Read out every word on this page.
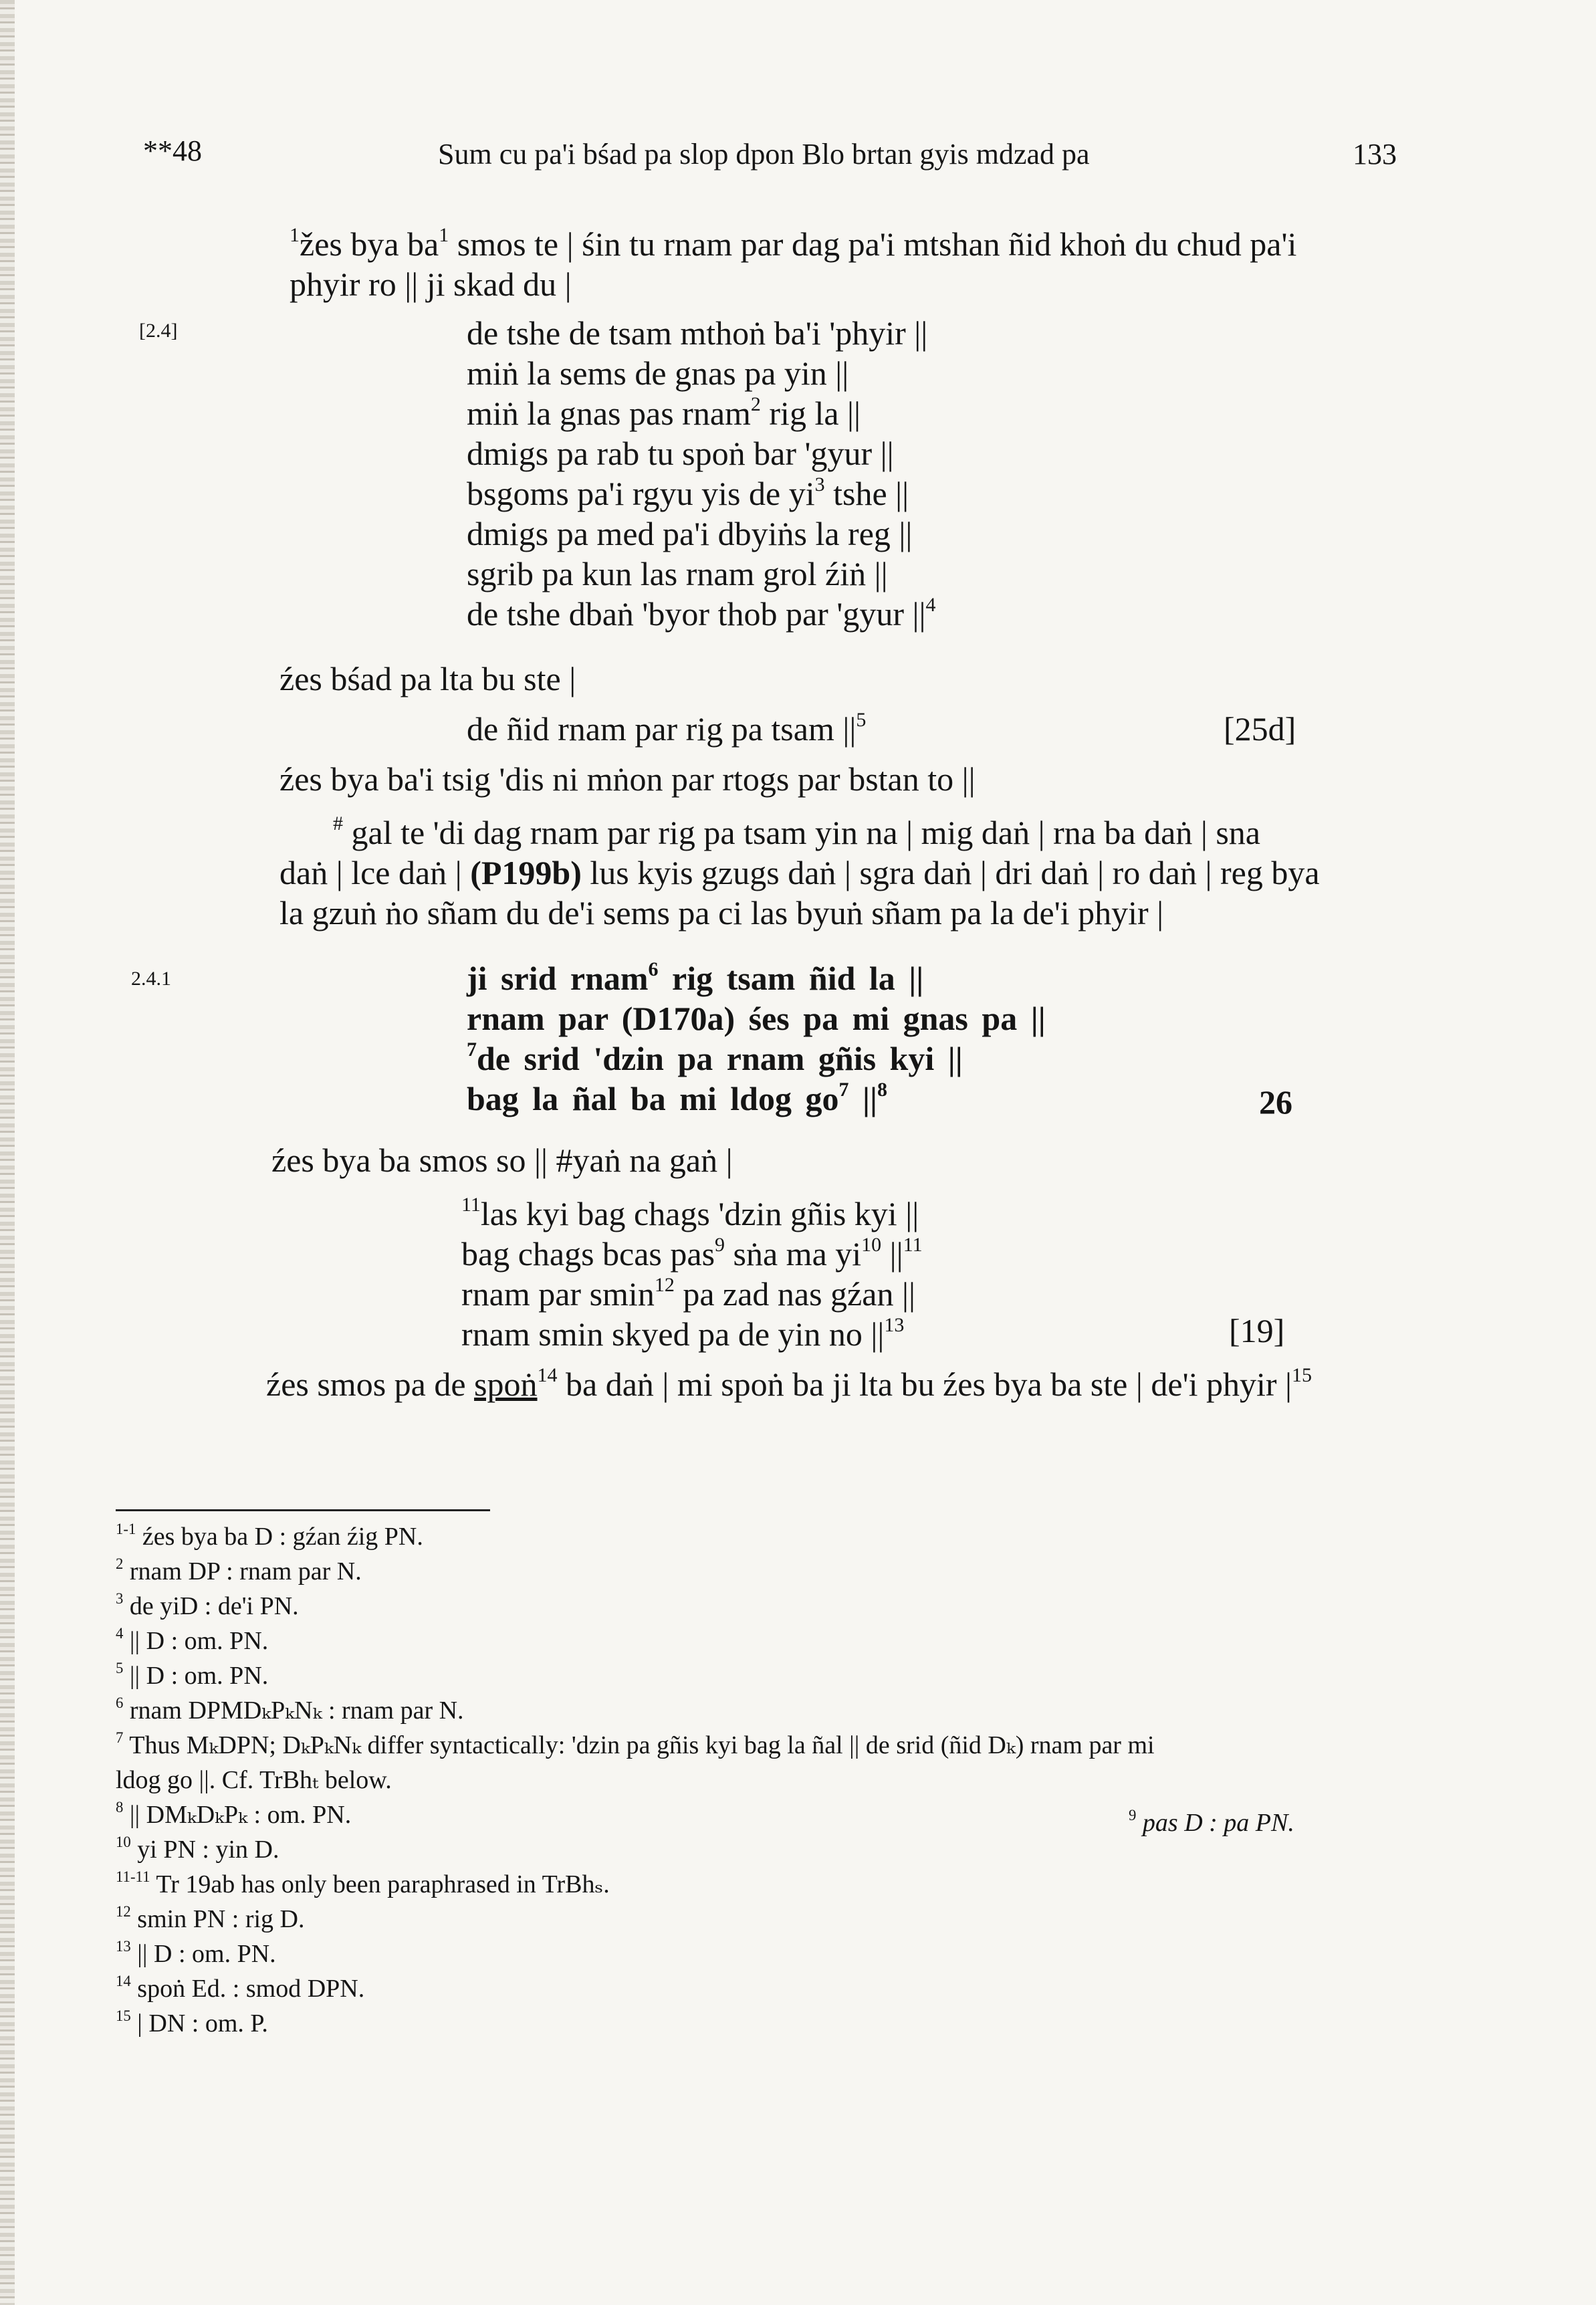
**48	Sum cu pa'i bśad pa slop dpon Blo brtan gyis mdzad pa	133
$^1$žes bya $ba^1$ smos te | śin tu rnam par dag pa'i mtshan ñid khoṅ du chud pa'i
phyir ro || ji skad du |
[2.4]	de tshe de tsam mthoṅ ba'i 'phyir ||
miṅ la sems de gnas pa yin ||
miṅ la gnas pas rnam$^2$ rig la ||
dmigs pa rab tu spoṅ bar 'gyur ||
bsgoms pa'i rgyu yis de $yi^3$ tshe ||
dmigs pa med pa'i dbyiṅs la reg ||
sgrib pa kun las rnam grol źiṅ ||
de tshe dbaṅ 'byor thob par 'gyur $||^4$
źes bśad pa lta bu ste |
de ñid rnam par rig pa tsam $||^5$	[25d]
źes bya ba'i tsig 'dis ni mṅon par rtogs par bstan to ||
# gal te 'di dag rnam par rig pa tsam yin na | mig daṅ | rna ba daṅ | sna
daṅ | lce daṅ | (P199b) lus kyis gzugs daṅ | sgra daṅ | dri daṅ | ro daṅ | reg bya
la gzuṅ ṅo sñam du de'i sems pa ci las byuṅ sñam pa la de'i phyir |
2.4.1	ji srid rnam$^6$ rig tsam ñid la ||
rnam par (D170a) śes pa mi gnas pa ||
$^7$de srid 'dzin pa rnam gñis kyi ||
bag la ñal ba mi ldog $go^7$ $||^8$	26
źes bya ba smos so || #yaṅ na gaṅ |
$^{11}$las kyi bag chags 'dzin gñis kyi ||
bag chags bcas pas$^9$ sṅa ma $yi^{10}$ $||^{11}$
rnam par smin$^{12}$ pa zad nas gźan ||
rnam smin skyed pa de yin no $||^{13}$	[19]
źes smos pa de spoṅ$^{14}$ ba daṅ | mi spoṅ ba ji lta bu źes bya ba ste | de'i phyir $|^{15}$
$^{1-1}$ źes bya ba D : gźan źig PN.
$^2$ rnam DP : rnam par N.
$^3$ de yiD : de'i PN.
$^4$ || D : om. PN.
$^5$ || D : om. PN.
$^6$ rnam DPMDₖPₖNₖ : rnam par N.
$^7$ Thus MₖDPN; DₖPₖNₖ differ syntactically: 'dzin pa gñis kyi bag la ñal || de srid (ñid Dₖ) rnam par mi
ldog go ||. Cf. TrBhₜ below.
$^8$ || DMₖDₖPₖ : om. PN.
$^{10}$ yi PN : yin D.
$^{11-11}$ Tr 19ab has only been paraphrased in TrBhₛ.
$^{12}$ smin PN : rig D.
$^{13}$ || D : om. PN.
$^{14}$ spoṅ Ed. : smod DPN.
$^{15}$ | DN : om. P.
$^9$ pas D : pa PN.
